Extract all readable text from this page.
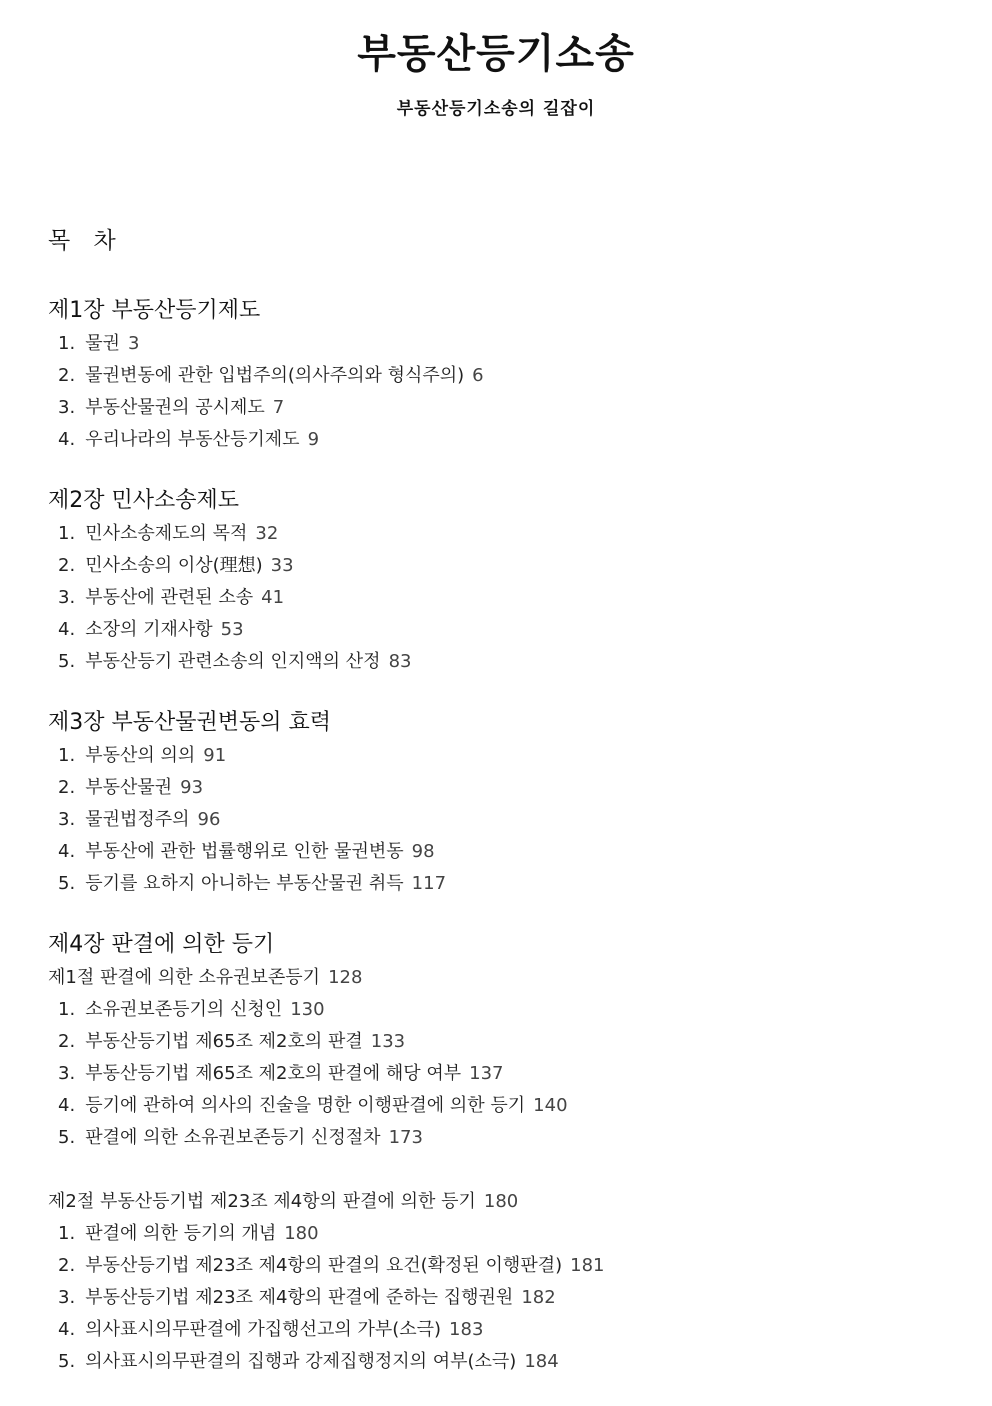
부동산등기소송
부동산등기소송의 길잡이
목 차
제1장 부동산등기제도
1. 물권 3
2. 물권변동에 관한 입법주의(의사주의와 형식주의) 6
3. 부동산물권의 공시제도 7
4. 우리나라의 부동산등기제도 9
제2장 민사소송제도
1. 민사소송제도의 목적 32
2. 민사소송의 이상(理想) 33
3. 부동산에 관련된 소송 41
4. 소장의 기재사항 53
5. 부동산등기 관련소송의 인지액의 산정 83
제3장 부동산물권변동의 효력
1. 부동산의 의의 91
2. 부동산물권 93
3. 물권법정주의 96
4. 부동산에 관한 법률행위로 인한 물권변동 98
5. 등기를 요하지 아니하는 부동산물권 취득 117
제4장 판결에 의한 등기
제1절 판결에 의한 소유권보존등기 128
1. 소유권보존등기의 신청인 130
2. 부동산등기법 제65조 제2호의 판결 133
3. 부동산등기법 제65조 제2호의 판결에 해당 여부 137
4. 등기에 관하여 의사의 진술을 명한 이행판결에 의한 등기 140
5. 판결에 의한 소유권보존등기 신정절차 173
제2절 부동산등기법 제23조 제4항의 판결에 의한 등기 180
1. 판결에 의한 등기의 개념 180
2. 부동산등기법 제23조 제4항의 판결의 요건(확정된 이행판결) 181
3. 부동산등기법 제23조 제4항의 판결에 준하는 집행권원 182
4. 의사표시의무판결에 가집행선고의 가부(소극) 183
5. 의사표시의무판결의 집행과 강제집행정지의 여부(소극) 184
